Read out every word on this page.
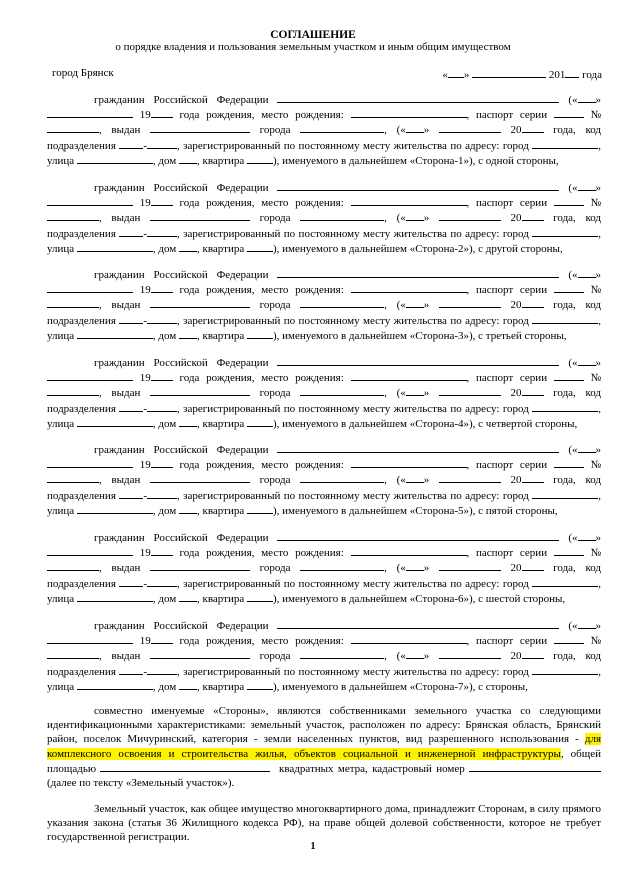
СОГЛАШЕНИЕ
о порядке владения и пользования земельным участком и иным общим имуществом
город Брянск	« »	201 года

гражданин Российской Федерации	(« »  19	года рождения, место рождения:	, паспорт серии	№, выдан	города	, (« »	20	года, код подразделения -	, зарегистрированный по постоянному месту жительства по адресу: город	, улица	, дом , квартира	), именуемого в дальнейшем «Сторона-1»), с одной стороны,

гражданин Российской Федерации	(« »  19	года рождения, место рождения:	, паспорт серии	№, выдан	города	, (« »	20	года, код подразделения -	, зарегистрированный по постоянному месту жительства по адресу: город	, улица	, дом , квартира	), именуемого в дальнейшем «Сторона-2»), с другой стороны,

гражданин Российской Федерации	(« »  19	года рождения, место рождения:	, паспорт серии	№, выдан	города	, (« »	20	года, код подразделения -	, зарегистрированный по постоянному месту жительства по адресу: город	, улица	, дом , квартира	), именуемого в дальнейшем «Сторона-3»), с третьей стороны,

гражданин Российской Федерации	(« »  19	года рождения, место рождения:	, паспорт серии	№, выдан	города	, (« »	20	года, код подразделения -	, зарегистрированный по постоянному месту жительства по адресу: город	, улица	, дом , квартира	), именуемого в дальнейшем «Сторона-4»), с четвертой стороны,

гражданин Российской Федерации	(« »  19	года рождения, место рождения:	, паспорт серии	№, выдан	города	, (« »	20	года, код подразделения -	, зарегистрированный по постоянному месту жительства по адресу: город	, улица	, дом , квартира	), именуемого в дальнейшем «Сторона-5»), с пятой стороны,

гражданин Российской Федерации	(« »  19	года рождения, место рождения:	, паспорт серии	№, выдан	города	, (« »	20	года, код подразделения -	, зарегистрированный по постоянному месту жительства по адресу: город	, улица	, дом , квартира	), именуемого в дальнейшем «Сторона-6»), с шестой стороны,

гражданин Российской Федерации	(« »  19	года рождения, место рождения:	, паспорт серии	№, выдан	города	, (« »	20	года, код подразделения -	, зарегистрированный по постоянному месту жительства по адресу: город	, улица	, дом , квартира	), именуемого в дальнейшем «Сторона-7»), с стороны,

совместно именуемые «Стороны», являются собственниками земельного участка со следующими идентификационными характеристиками: земельный участок, расположен по адресу: Брянская область, Брянский район, поселок Мичуринский, категория - земли населенных пунктов, вид разрешенного использования - для комплексного освоения и строительства жилья, объектов социальной и инженерной инфраструктуры, общей площадью	квадратных метра, кадастровый номер  (далее по тексту «Земельный участок»).

Земельный участок, как общее имущество многоквартирного дома, принадлежит Сторонам, в силу прямого указания закона (статья 36 Жилищного кодекса РФ), на праве общей долевой собственности, которое не требует государственной регистрации.

1
